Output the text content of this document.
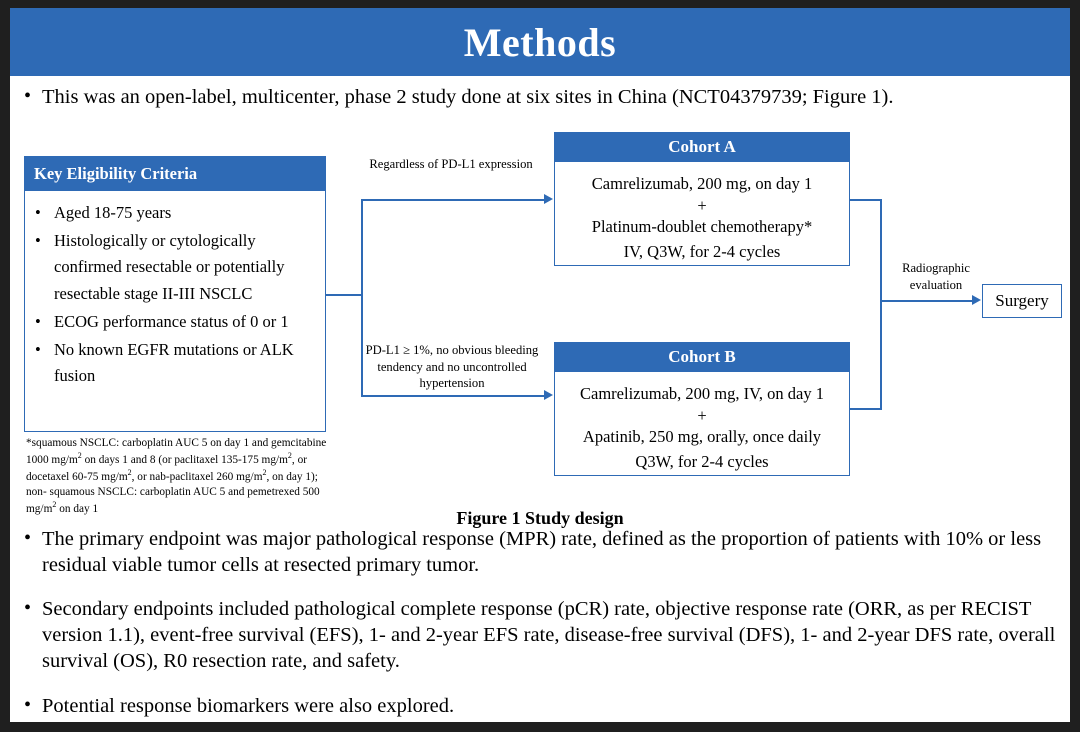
Methods
• This was an open-label, multicenter, phase 2 study done at six sites in China (NCT04379739; Figure 1).
Key Eligibility Criteria
• Aged 18-75 years
• Histologically or cytologically confirmed resectable or potentially resectable stage II-III NSCLC
• ECOG performance status of 0 or 1
• No known EGFR mutations or ALK fusion
*squamous NSCLC: carboplatin AUC 5 on day 1 and gemcitabine 1000 $mg/m^2$ on days 1 and 8 (or paclitaxel 135-175 $mg/m^2$, or docetaxel 60-75 $mg/m^2$, or nab-paclitaxel 260 $mg/m^2$, on day 1); non- squamous NSCLC: carboplatin AUC 5 and pemetrexed 500 $mg/m^2$ on day 1
Regardless of PD-L1 expression
PD-L1 ≥ 1%, no obvious bleeding tendency and no uncontrolled hypertension
Radiographic evaluation
Cohort A
Camrelizumab, 200 mg, on day 1
+
Platinum-doublet chemotherapy*
IV, Q3W, for 2-4 cycles
Cohort B
Camrelizumab, 200 mg, IV, on day 1
+
Apatinib, 250 mg, orally, once daily
Q3W, for 2-4 cycles
Surgery
Figure 1 Study design
• The primary endpoint was major pathological response (MPR) rate, defined as the proportion of patients with 10% or less residual viable tumor cells at resected primary tumor.
• Secondary endpoints included pathological complete response (pCR) rate, objective response rate (ORR, as per RECIST version 1.1), event-free survival (EFS), 1- and 2-year EFS rate, disease-free survival (DFS), 1- and 2-year DFS rate, overall survival (OS), R0 resection rate, and safety.
• Potential response biomarkers were also explored.
